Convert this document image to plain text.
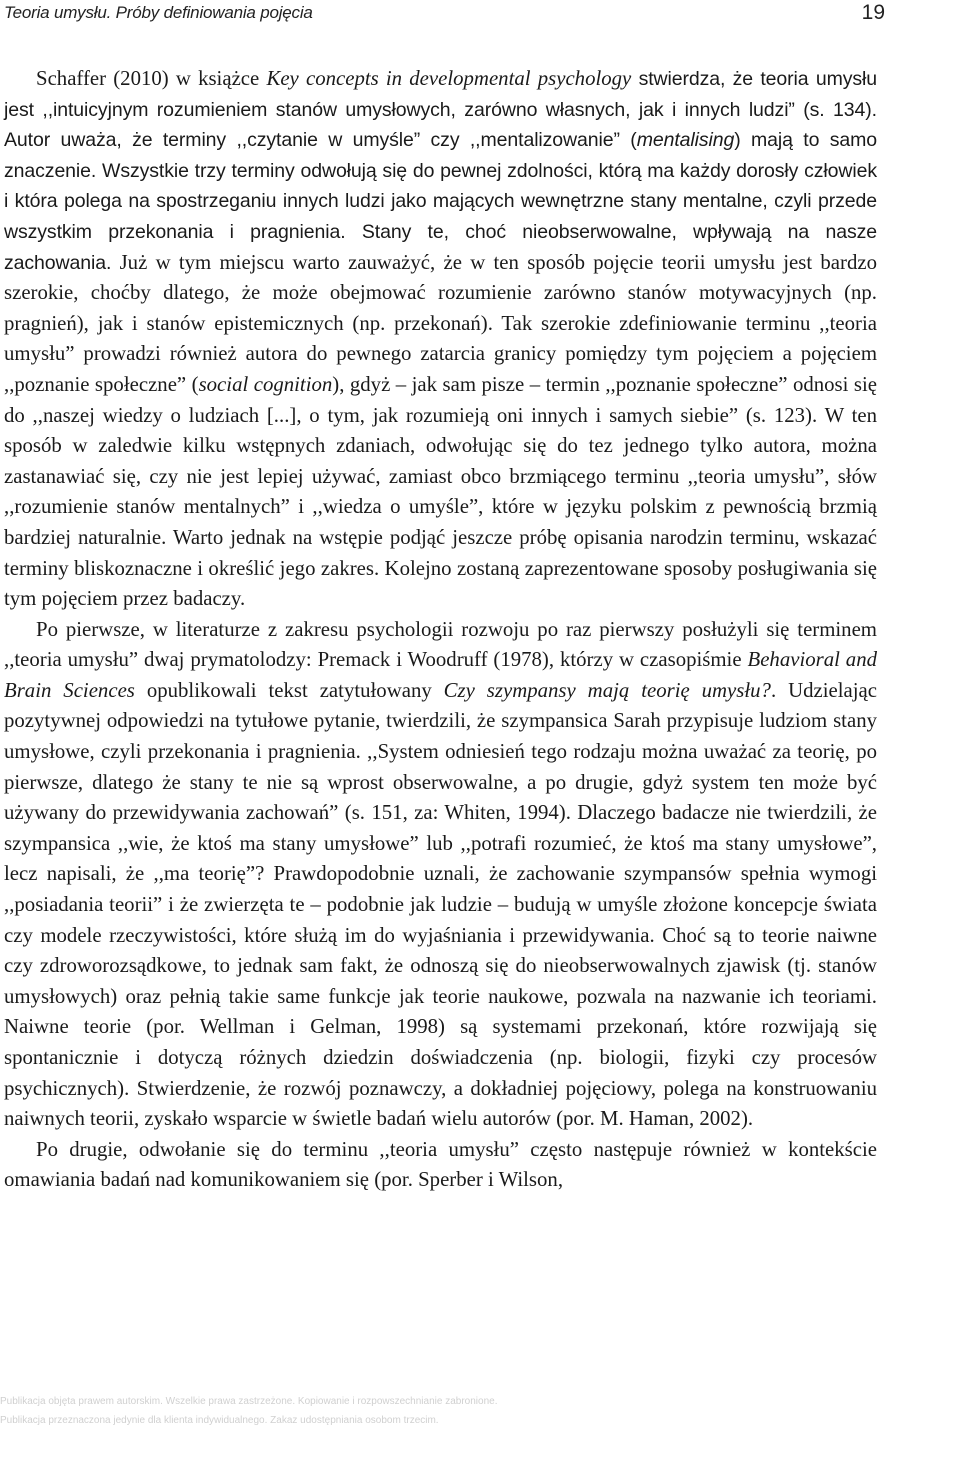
Teoria umysłu. Próby definiowania pojęcia	19

Schaffer (2010) w książce Key concepts in developmental psychology stwierdza, że teoria umysłu jest ,,intuicyjnym rozumieniem stanów umysłowych, zarówno własnych, jak i innych ludzi” (s. 134). Autor uważa, że terminy ,,czytanie w umyśle” czy ,,mentalizowanie” (mentalising) mają to samo znaczenie. Wszystkie trzy terminy odwołują się do pewnej zdolności, którą ma każdy dorosły człowiek i która polega na spostrzeganiu innych ludzi jako mających wewnętrzne stany mentalne, czyli przede wszystkim przekonania i pragnienia. Stany te, choć nieobserwowalne, wpływają na nasze zachowania. Już w tym miejscu warto zauważyć, że w ten sposób pojęcie teorii umysłu jest bardzo szerokie, choćby dlatego, że może obejmować rozumienie zarówno stanów motywacyjnych (np. pragnień), jak i stanów epistemicznych (np. przekonań). Tak szerokie zdefiniowanie terminu ,,teoria umysłu” prowadzi również autora do pewnego zatarcia granicy pomiędzy tym pojęciem a pojęciem ,,poznanie społeczne” (social cognition), gdyż – jak sam pisze – termin ,,poznanie społeczne” odnosi się do ,,naszej wiedzy o ludziach [...], o tym, jak rozumieją oni innych i samych siebie” (s. 123). W ten sposób w zaledwie kilku wstępnych zdaniach, odwołując się do tez jednego tylko autora, można zastanawiać się, czy nie jest lepiej używać, zamiast obco brzmiącego terminu ,,teoria umysłu”, słów ,,rozumienie stanów mentalnych” i ,,wiedza o umyśle”, które w języku polskim z pewnością brzmią bardziej naturalnie. Warto jednak na wstępie podjąć jeszcze próbę opisania narodzin terminu, wskazać terminy bliskoznaczne i określić jego zakres. Kolejno zostaną zaprezentowane sposoby posługiwania się tym pojęciem przez badaczy.

Po pierwsze, w literaturze z zakresu psychologii rozwoju po raz pierwszy posłużyli się terminem ,,teoria umysłu” dwaj prymatolodzy: Premack i Woodruff (1978), którzy w czasopiśmie Behavioral and Brain Sciences opublikowali tekst zatytułowany Czy szympansy mają teorię umysłu?. Udzielając pozytywnej odpowiedzi na tytułowe pytanie, twierdzili, że szympansica Sarah przypisuje ludziom stany umysłowe, czyli przekonania i pragnienia. ,,System odniesień tego rodzaju można uważać za teorię, po pierwsze, dlatego że stany te nie są wprost obserwowalne, a po drugie, gdyż system ten może być używany do przewidywania zachowań” (s. 151, za: Whiten, 1994). Dlaczego badacze nie twierdzili, że szympansica ,,wie, że ktoś ma stany umysłowe” lub ,,potrafi rozumieć, że ktoś ma stany umysłowe”, lecz napisali, że ,,ma teorię”? Prawdopodobnie uznali, że zachowanie szympansów spełnia wymogi ,,posiadania teorii” i że zwierzęta te – podobnie jak ludzie – budują w umyśle złożone koncepcje świata czy modele rzeczywistości, które służą im do wyjaśniania i przewidywania. Choć są to teorie naiwne czy zdroworozsądkowe, to jednak sam fakt, że odnoszą się do nieobserwowalnych zjawisk (tj. stanów umysłowych) oraz pełnią takie same funkcje jak teorie naukowe, pozwala na nazwanie ich teoriami. Naiwne teorie (por. Wellman i Gelman, 1998) są systemami przekonań, które rozwijają się spontanicznie i dotyczą różnych dziedzin doświadczenia (np. biologii, fizyki czy procesów psychicznych). Stwierdzenie, że rozwój poznawczy, a dokładniej pojęciowy, polega na konstruowaniu naiwnych teorii, zyskało wsparcie w świetle badań wielu autorów (por. M. Haman, 2002).

Po drugie, odwołanie się do terminu ,,teoria umysłu” często następuje również w kontekście omawiania badań nad komunikowaniem się (por. Sperber i Wilson,

Publikacja objęta prawem autorskim. Wszelkie prawa zastrzeżone. Kopiowanie i rozpowszechnianie zabronione.
Publikacja przeznaczona jedynie dla klienta indywidualnego. Zakaz udostępniania osobom trzecim.
